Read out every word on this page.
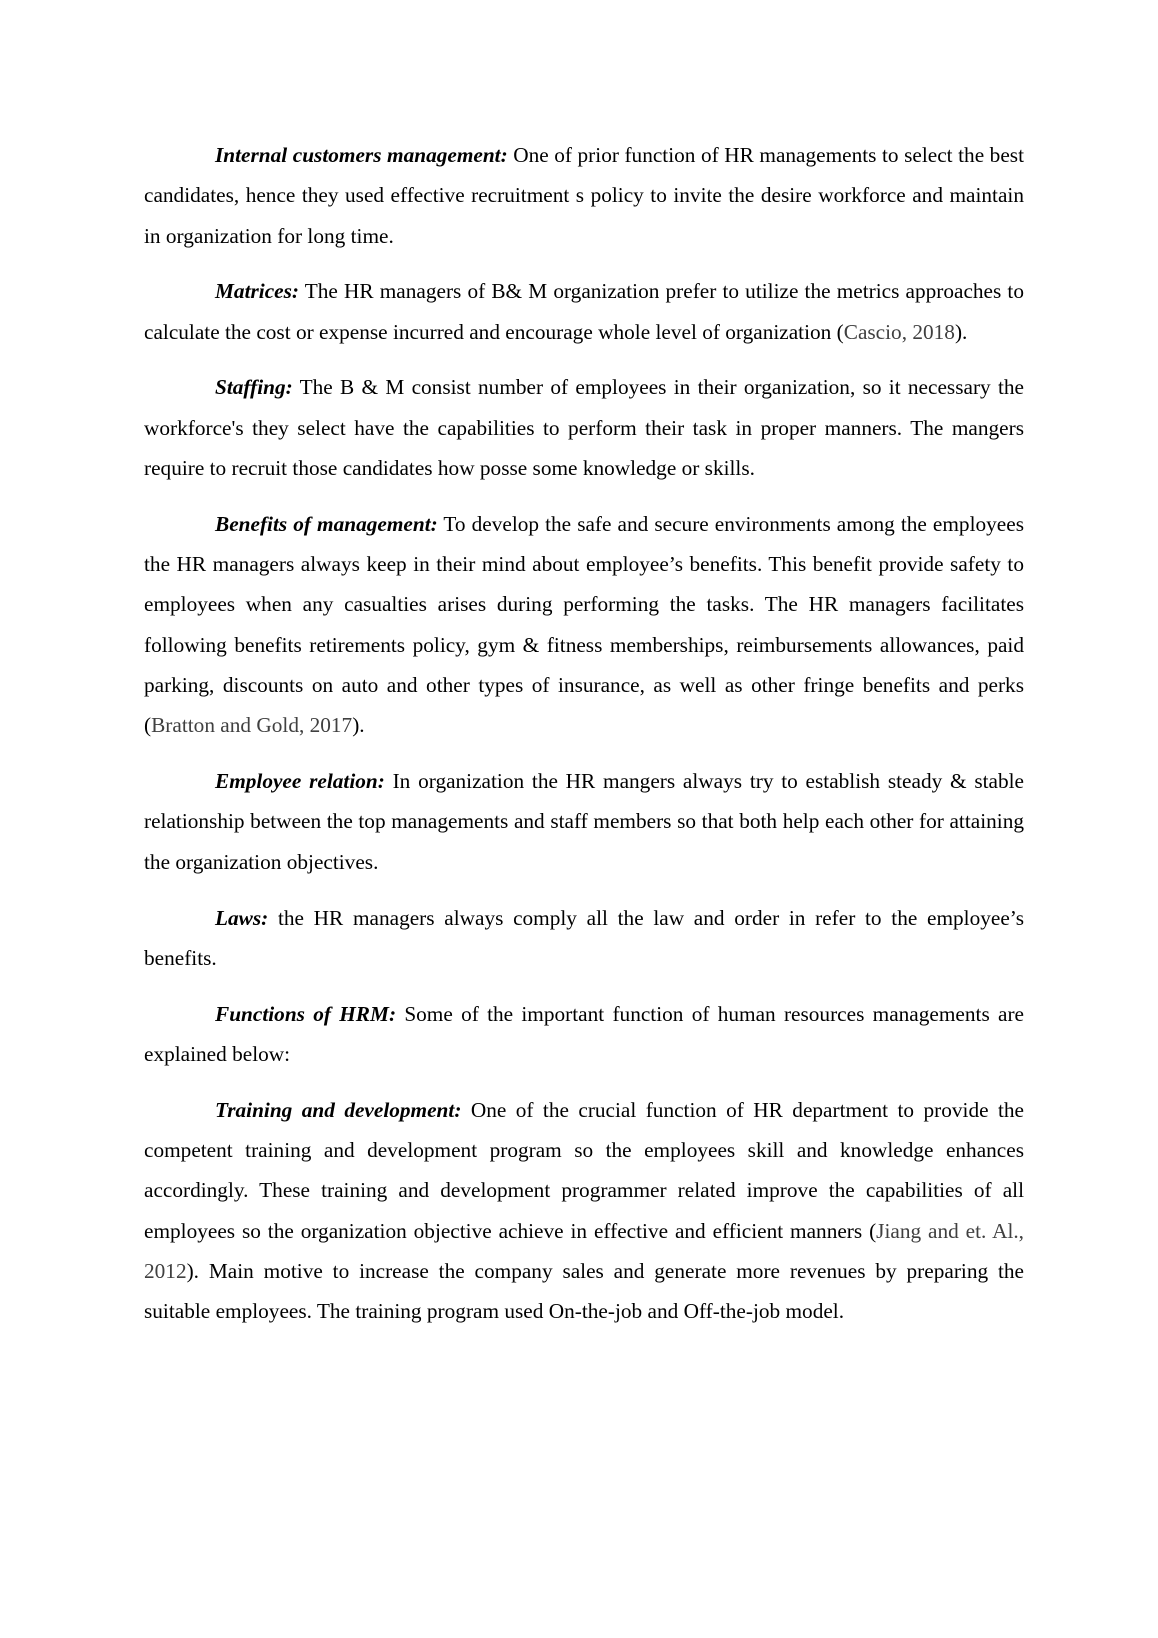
Internal customers management: One of prior function of HR managements to select the best candidates, hence they used effective recruitment s policy to invite the desire workforce and maintain in organization for long time.

Matrices: The HR managers of B& M organization prefer to utilize the metrics approaches to calculate the cost or expense incurred and encourage whole level of organization (Cascio, 2018).

Staffing: The B & M consist number of employees in their organization, so it necessary the workforce's they select have the capabilities to perform their task in proper manners. The mangers require to recruit those candidates how posse some knowledge or skills.

Benefits of management: To develop the safe and secure environments among the employees the HR managers always keep in their mind about employee’s benefits. This benefit provide safety to employees when any casualties arises during performing the tasks. The HR managers facilitates following benefits retirements policy, gym & fitness memberships, reimbursements allowances, paid parking, discounts on auto and other types of insurance, as well as other fringe benefits and perks (Bratton and Gold, 2017).

Employee relation: In organization the HR mangers always try to establish steady & stable relationship between the top managements and staff members so that both help each other for attaining the organization objectives.

Laws: the HR managers always comply all the law and order in refer to the employee’s benefits.

Functions of HRM: Some of the important function of human resources managements are explained below:

Training and development: One of the crucial function of HR department to provide the competent training and development program so the employees skill and knowledge enhances accordingly. These training and development programmer related improve the capabilities of all employees so the organization objective achieve in effective and efficient manners (Jiang and et. Al., 2012). Main motive to increase the company sales and generate more revenues by preparing the suitable employees. The training program used On-the-job and Off-the-job model.
